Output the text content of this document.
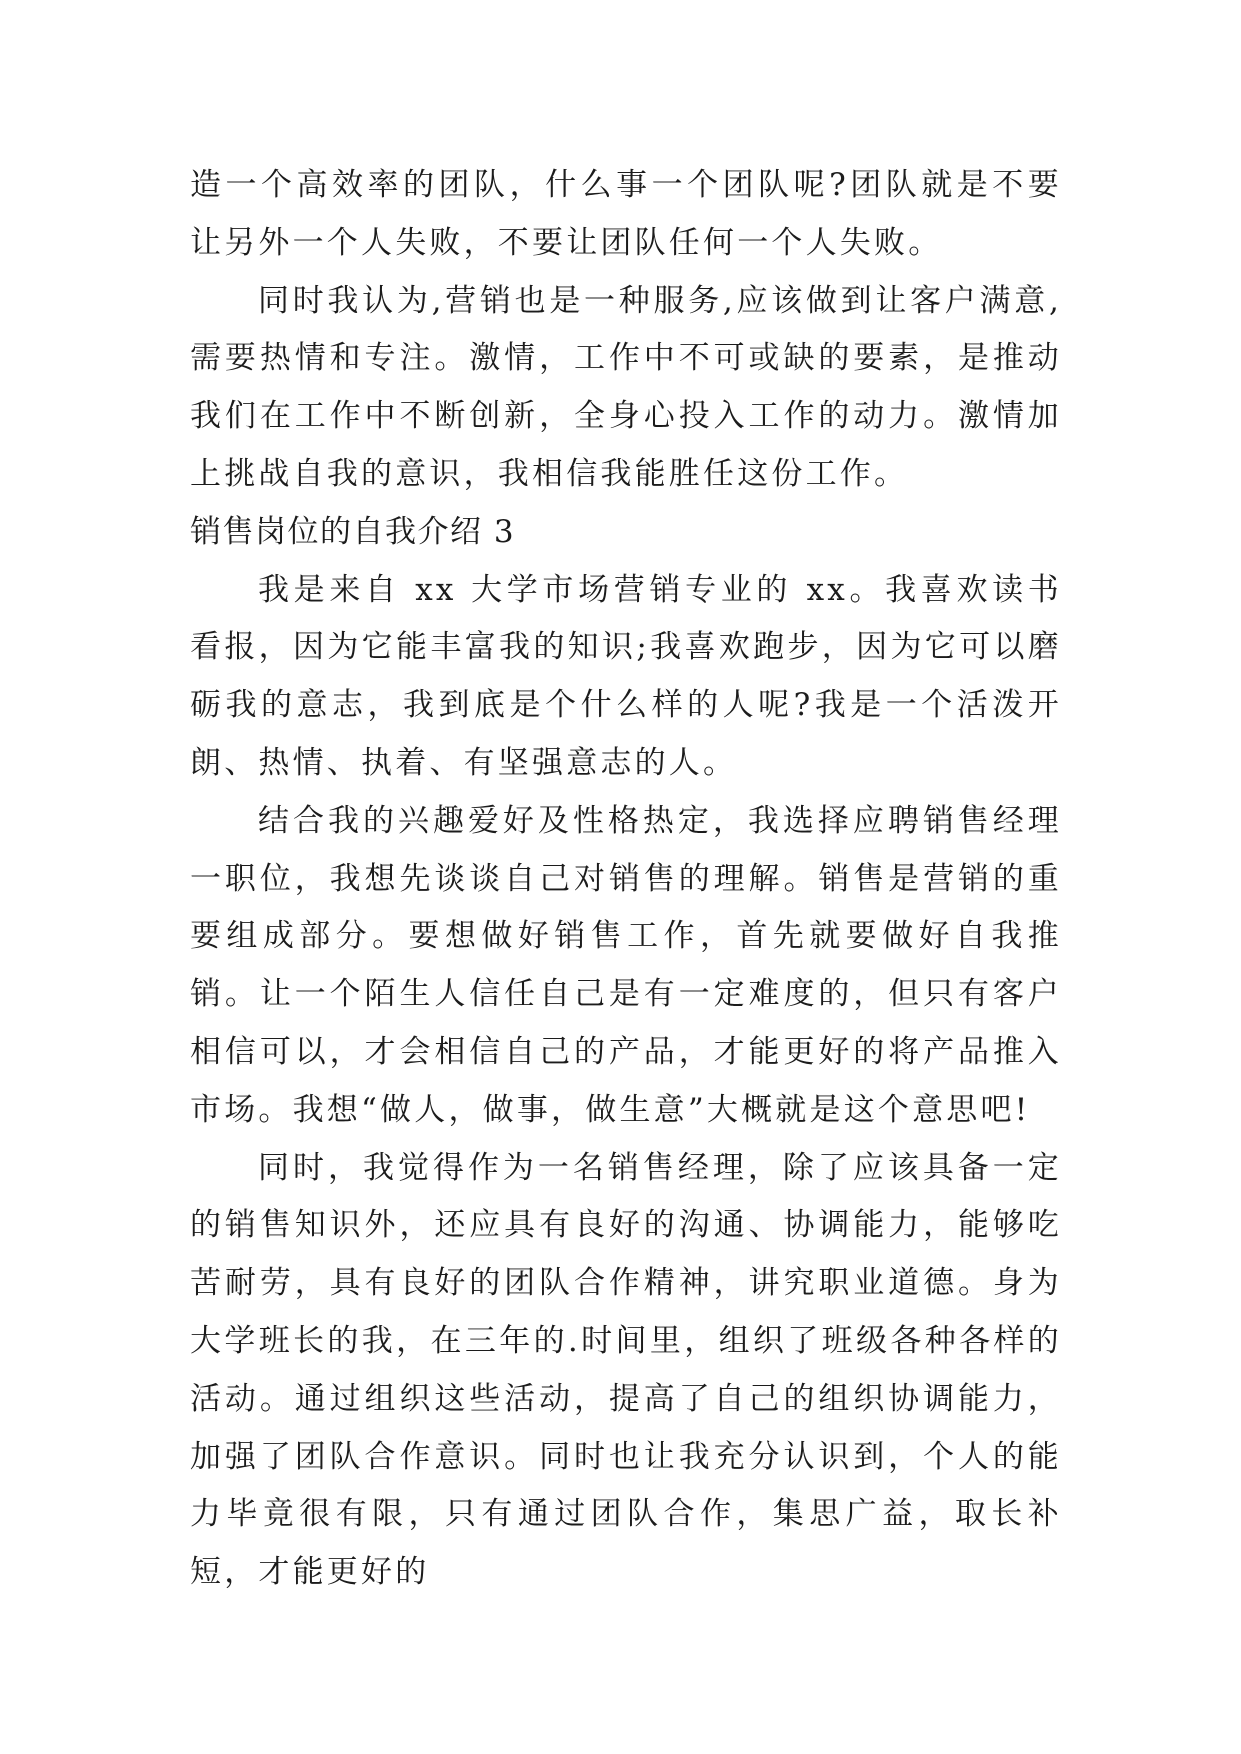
造一个高效率的团队，什么事一个团队呢?团队就是不要让另外一个人失败，不要让团队任何一个人失败。

同时我认为,营销也是一种服务,应该做到让客户满意,需要热情和专注。激情，工作中不可或缺的要素，是推动我们在工作中不断创新，全身心投入工作的动力。激情加上挑战自我的意识，我相信我能胜任这份工作。

销售岗位的自我介绍 3

我是来自 xx 大学市场营销专业的 xx。我喜欢读书看报，因为它能丰富我的知识;我喜欢跑步，因为它可以磨砺我的意志，我到底是个什么样的人呢?我是一个活泼开朗、热情、执着、有坚强意志的人。

结合我的兴趣爱好及性格热定，我选择应聘销售经理一职位，我想先谈谈自己对销售的理解。销售是营销的重要组成部分。要想做好销售工作，首先就要做好自我推销。让一个陌生人信任自己是有一定难度的，但只有客户相信可以，才会相信自己的产品，才能更好的将产品推入市场。我想“做人，做事，做生意”大概就是这个意思吧!

同时，我觉得作为一名销售经理，除了应该具备一定的销售知识外，还应具有良好的沟通、协调能力，能够吃苦耐劳，具有良好的团队合作精神，讲究职业道德。身为大学班长的我，在三年的.时间里，组织了班级各种各样的活动。通过组织这些活动，提高了自己的组织协调能力，加强了团队合作意识。同时也让我充分认识到，个人的能力毕竟很有限，只有通过团队合作，集思广益，取长补短，才能更好的
